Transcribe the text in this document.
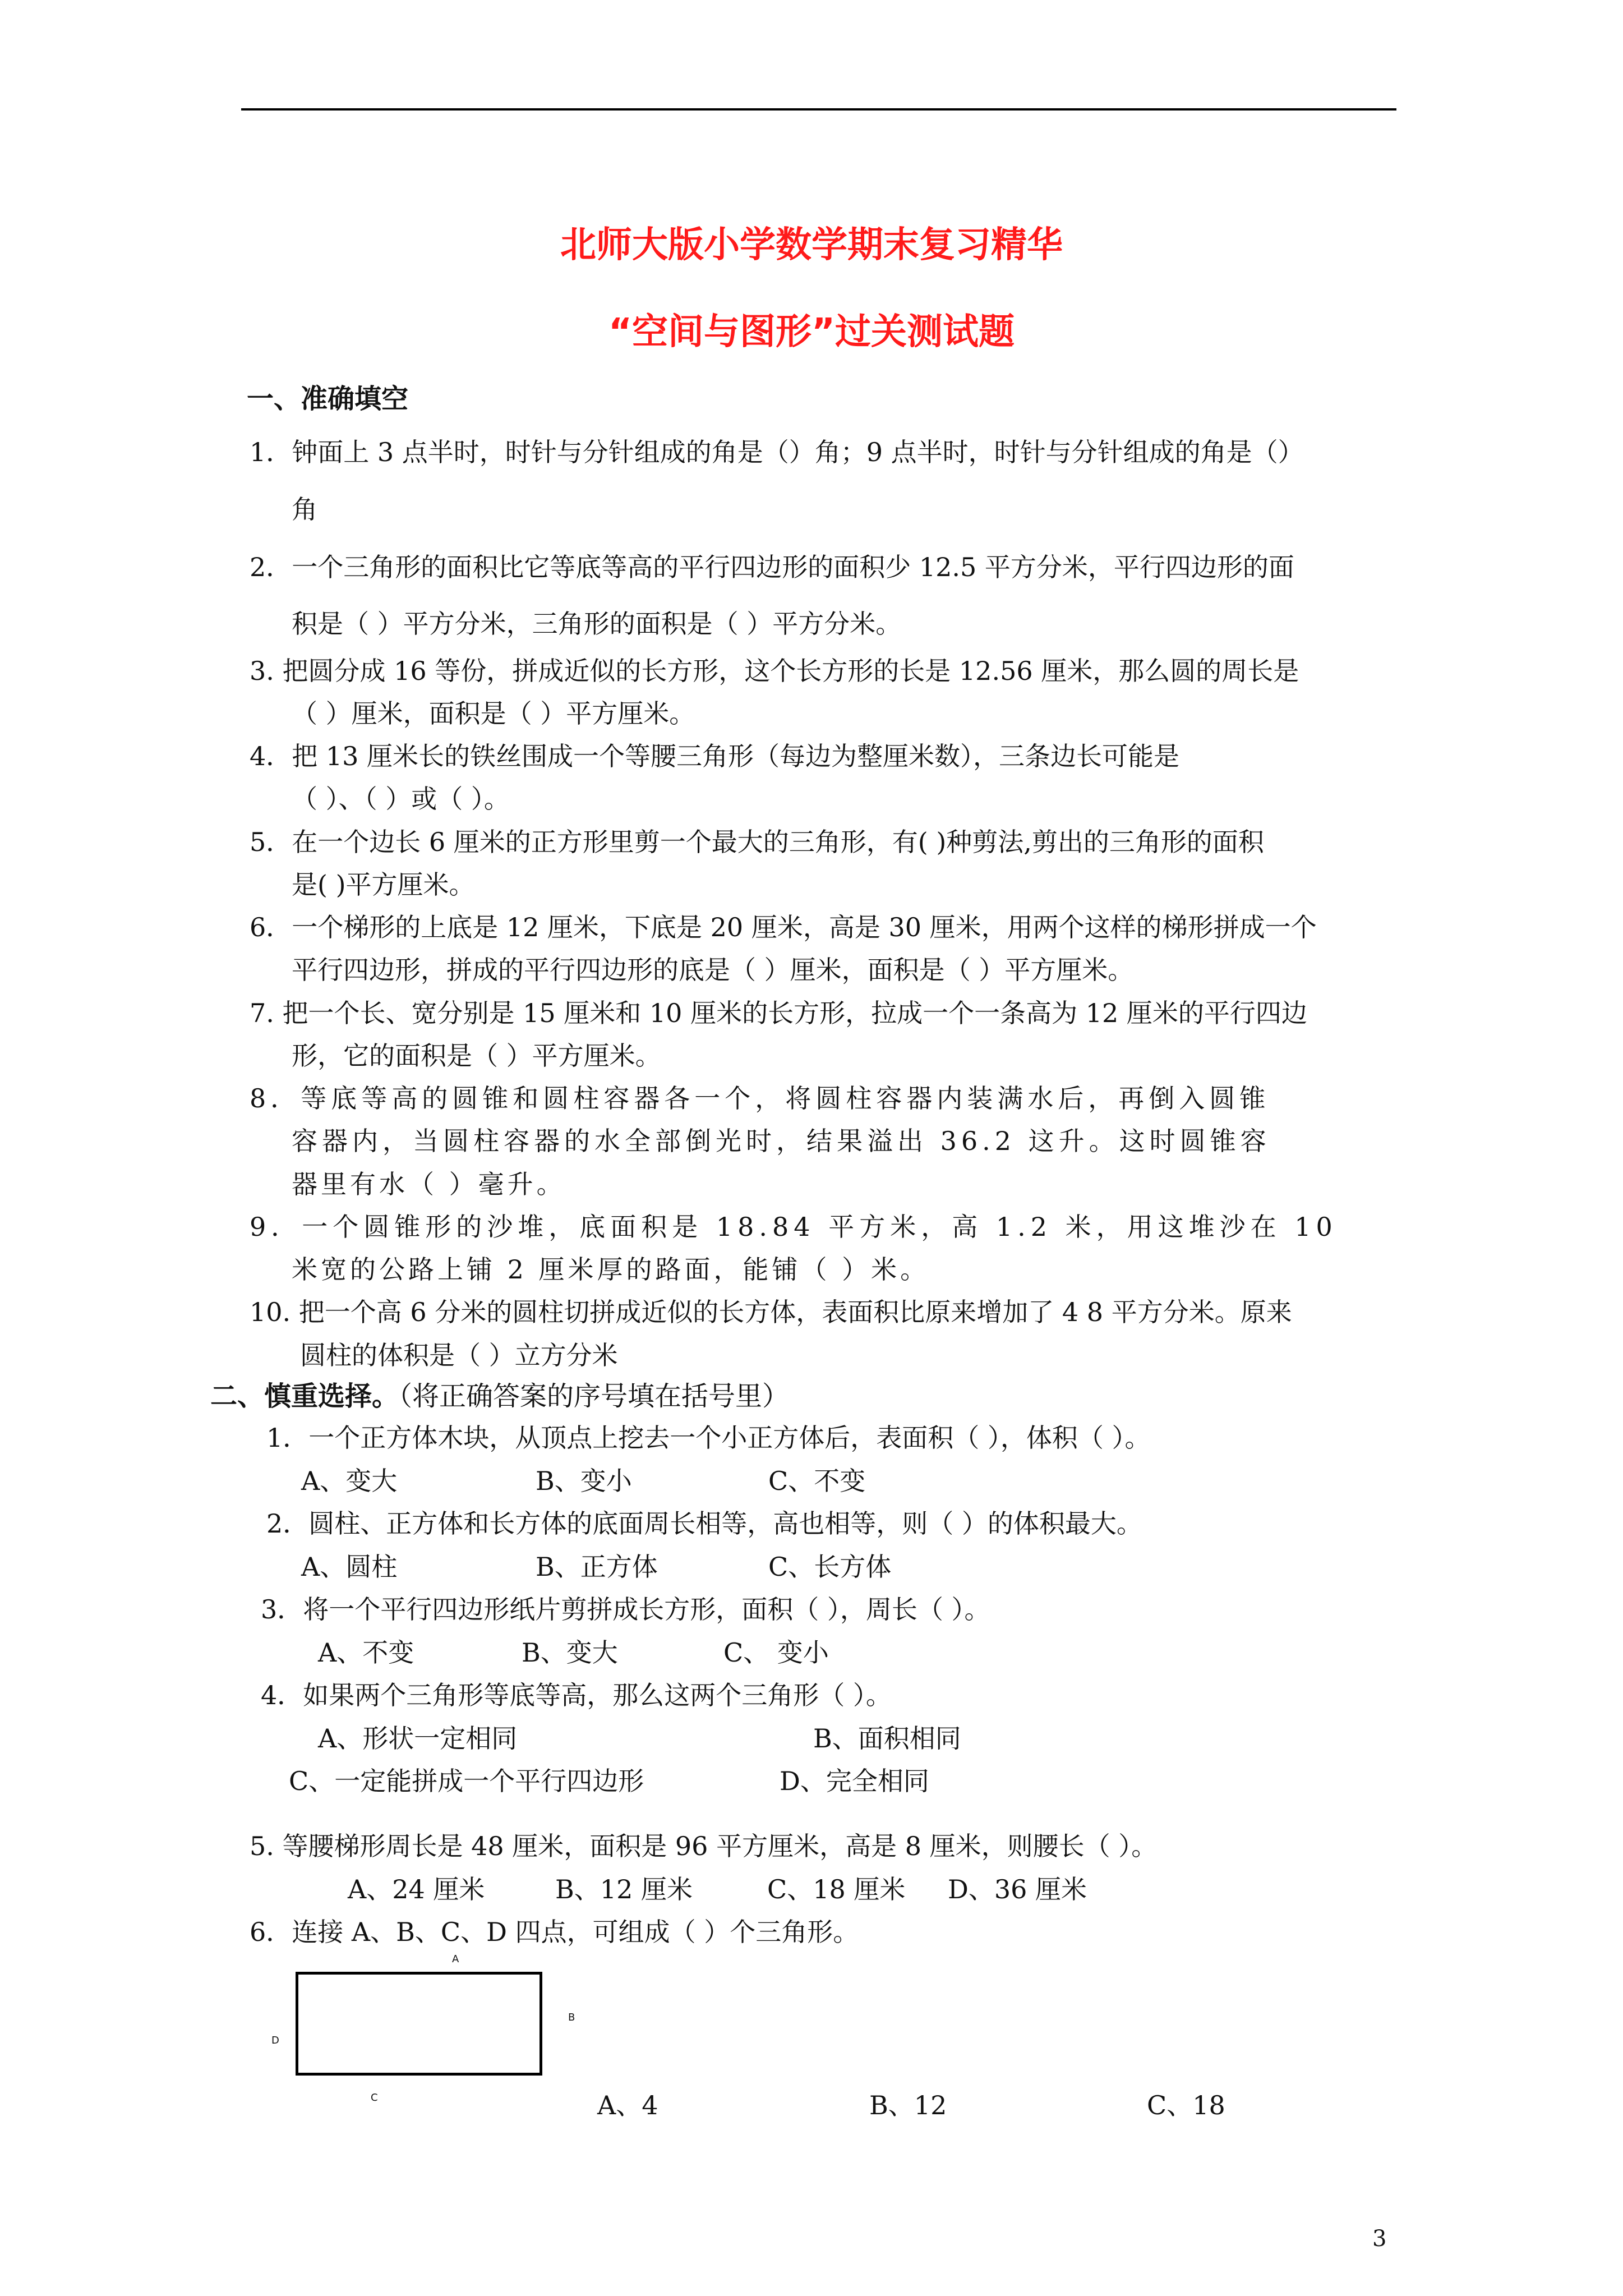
北师大版小学数学期末复习精华
“空间与图形”过关测试题
一、准确填空
1．钟面上 3 点半时，时针与分针组成的角是（）角；9 点半时，时针与分针组成的角是（）
角
2．一个三角形的面积比它等底等高的平行四边形的面积少 12.5 平方分米，平行四边形的面
积是（ ）平方分米，三角形的面积是（ ）平方分米。
3. 把圆分成 16 等份，拼成近似的长方形，这个长方形的长是 12.56 厘米，那么圆的周长是
（ ）厘米，面积是（ ）平方厘米。
4．把 13 厘米长的铁丝围成一个等腰三角形（每边为整厘米数），三条边长可能是
（ ）、（ ）或（ ）。
5．在一个边长 6 厘米的正方形里剪一个最大的三角形，有( )种剪法,剪出的三角形的面积
是( )平方厘米。
6．一个梯形的上底是 12 厘米，下底是 20 厘米，高是 30 厘米，用两个这样的梯形拼成一个
平行四边形，拼成的平行四边形的底是（ ）厘米，面积是（ ）平方厘米。
7. 把一个长、宽分别是 15 厘米和 10 厘米的长方形，拉成一个一条高为 12 厘米的平行四边
形，它的面积是（ ）平方厘米。
8．等底等高的圆锥和圆柱容器各一个，将圆柱容器内装满水后，再倒入圆锥
容器内，当圆柱容器的水全部倒光时，结果溢出 36.2 这升。这时圆锥容
器里有水（ ）毫升。
9．一个圆锥形的沙堆，底面积是 18.84 平方米，高 1.2 米，用这堆沙在 10
米宽的公路上铺 2 厘米厚的路面，能铺（ ）米。
10. 把一个高 6 分米的圆柱切拼成近似的长方体，表面积比原来增加了 4 8 平方分米。原来
圆柱的体积是（ ）立方分米
二、慎重选择。（将正确答案的序号填在括号里）
1．一个正方体木块，从顶点上挖去一个小正方体后，表面积（ ），体积（ ）。
A、变大	B、变小	C、不变
2．圆柱、正方体和长方体的底面周长相等，高也相等，则（ ）的体积最大。
A、圆柱	B、正方体	C、长方体
3．将一个平行四边形纸片剪拼成长方形，面积（ ），周长（ ）。
A、不变	B、变大	C、 变小
4．如果两个三角形等底等高，那么这两个三角形（ ）。
A、形状一定相同	B、面积相同
C、一定能拼成一个平行四边形	D、完全相同
5. 等腰梯形周长是 48 厘米，面积是 96 平方厘米，高是 8 厘米，则腰长（ ）。
A、24 厘米	B、12 厘米	C、18 厘米 D、36 厘米
6．连接 A、B、C、D 四点，可组成（ ）个三角形。
A
B
C
D
A、4	B、12	C、18
3
